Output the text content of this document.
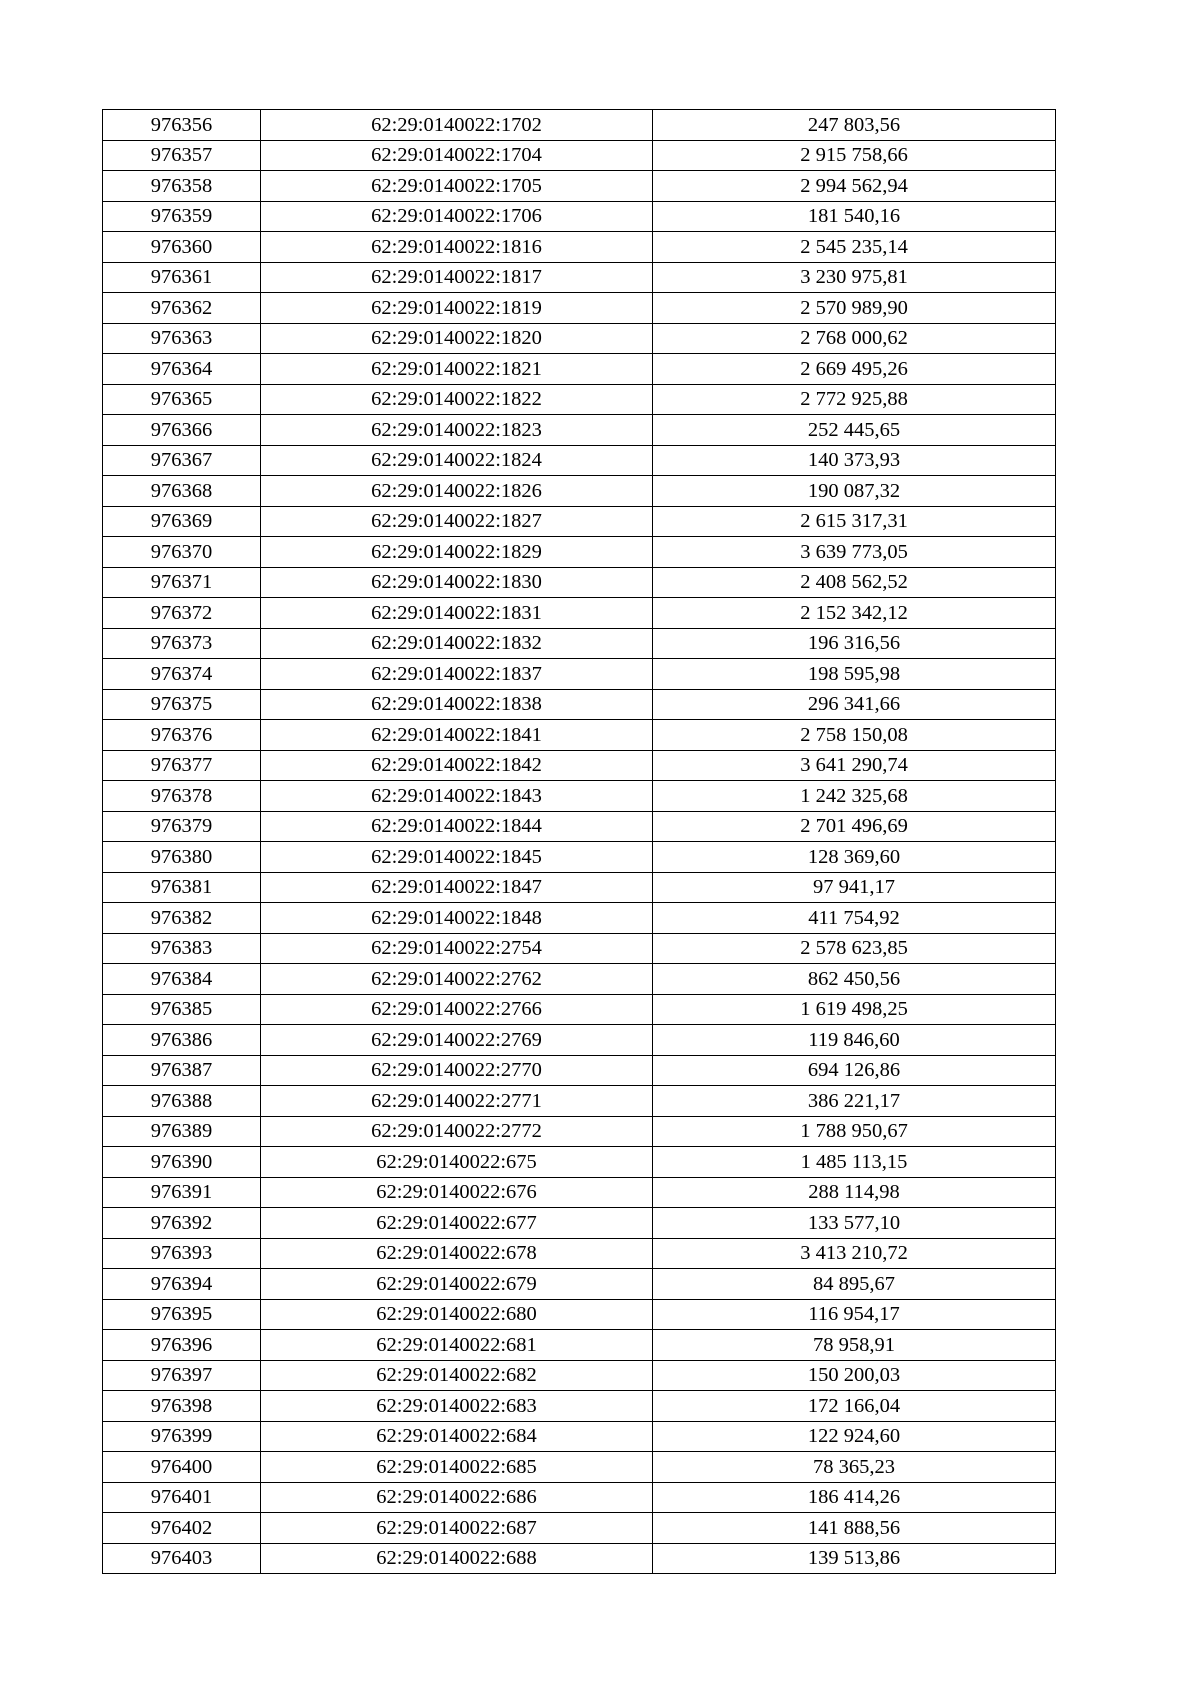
976356	62:29:0140022:1702	247 803,56
976357	62:29:0140022:1704	2 915 758,66
976358	62:29:0140022:1705	2 994 562,94
976359	62:29:0140022:1706	181 540,16
976360	62:29:0140022:1816	2 545 235,14
976361	62:29:0140022:1817	3 230 975,81
976362	62:29:0140022:1819	2 570 989,90
976363	62:29:0140022:1820	2 768 000,62
976364	62:29:0140022:1821	2 669 495,26
976365	62:29:0140022:1822	2 772 925,88
976366	62:29:0140022:1823	252 445,65
976367	62:29:0140022:1824	140 373,93
976368	62:29:0140022:1826	190 087,32
976369	62:29:0140022:1827	2 615 317,31
976370	62:29:0140022:1829	3 639 773,05
976371	62:29:0140022:1830	2 408 562,52
976372	62:29:0140022:1831	2 152 342,12
976373	62:29:0140022:1832	196 316,56
976374	62:29:0140022:1837	198 595,98
976375	62:29:0140022:1838	296 341,66
976376	62:29:0140022:1841	2 758 150,08
976377	62:29:0140022:1842	3 641 290,74
976378	62:29:0140022:1843	1 242 325,68
976379	62:29:0140022:1844	2 701 496,69
976380	62:29:0140022:1845	128 369,60
976381	62:29:0140022:1847	97 941,17
976382	62:29:0140022:1848	411 754,92
976383	62:29:0140022:2754	2 578 623,85
976384	62:29:0140022:2762	862 450,56
976385	62:29:0140022:2766	1 619 498,25
976386	62:29:0140022:2769	119 846,60
976387	62:29:0140022:2770	694 126,86
976388	62:29:0140022:2771	386 221,17
976389	62:29:0140022:2772	1 788 950,67
976390	62:29:0140022:675	1 485 113,15
976391	62:29:0140022:676	288 114,98
976392	62:29:0140022:677	133 577,10
976393	62:29:0140022:678	3 413 210,72
976394	62:29:0140022:679	84 895,67
976395	62:29:0140022:680	116 954,17
976396	62:29:0140022:681	78 958,91
976397	62:29:0140022:682	150 200,03
976398	62:29:0140022:683	172 166,04
976399	62:29:0140022:684	122 924,60
976400	62:29:0140022:685	78 365,23
976401	62:29:0140022:686	186 414,26
976402	62:29:0140022:687	141 888,56
976403	62:29:0140022:688	139 513,86
